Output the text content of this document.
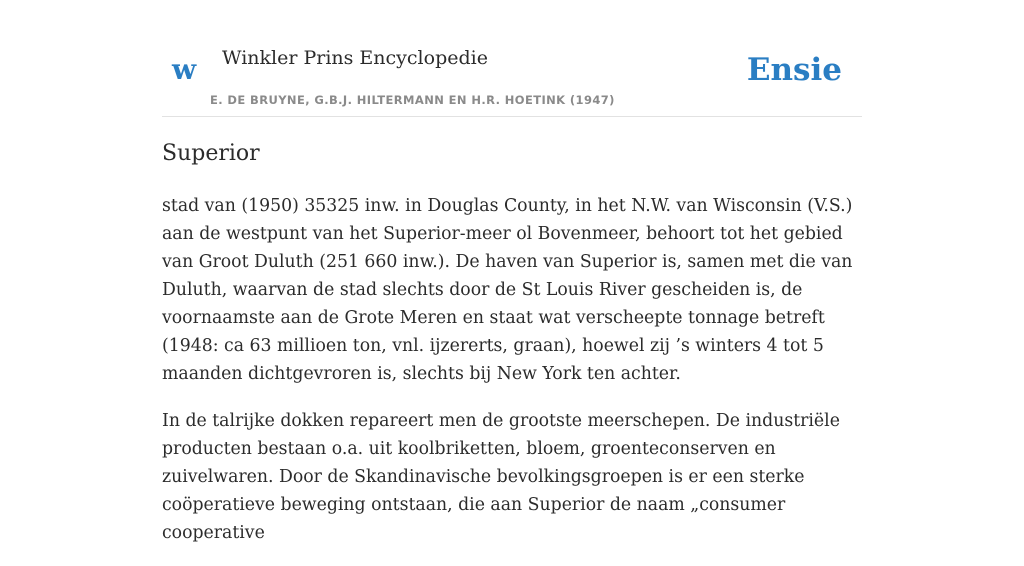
w Winkler Prins Encyclopedie
E. DE BRUYNE, G.B.J. HILTERMANN EN H.R. HOETINK (1947)
Ensie
Superior

stad van (1950) 35325 inw. in Douglas County, in het N.W. van Wisconsin (V.S.) aan de westpunt van het Superior-meer ol Bovenmeer, behoort tot het gebied van Groot Duluth (251 660 inw.). De haven van Superior is, samen met die van Duluth, waarvan de stad slechts door de St Louis River gescheiden is, de voornaamste aan de Grote Meren en staat wat verscheepte tonnage betreft (1948: ca 63 millioen ton, vnl. ijzererts, graan), hoewel zij ’s winters 4 tot 5 maanden dichtgevroren is, slechts bij New York ten achter.

In de talrijke dokken repareert men de grootste meerschepen. De industriële producten bestaan o.a. uit koolbriketten, bloem, groenteconserven en zuivelwaren. Door de Skandinavische bevolkingsgroepen is er een sterke coöperatieve beweging ontstaan, die aan Superior de naam „consumer cooperative
